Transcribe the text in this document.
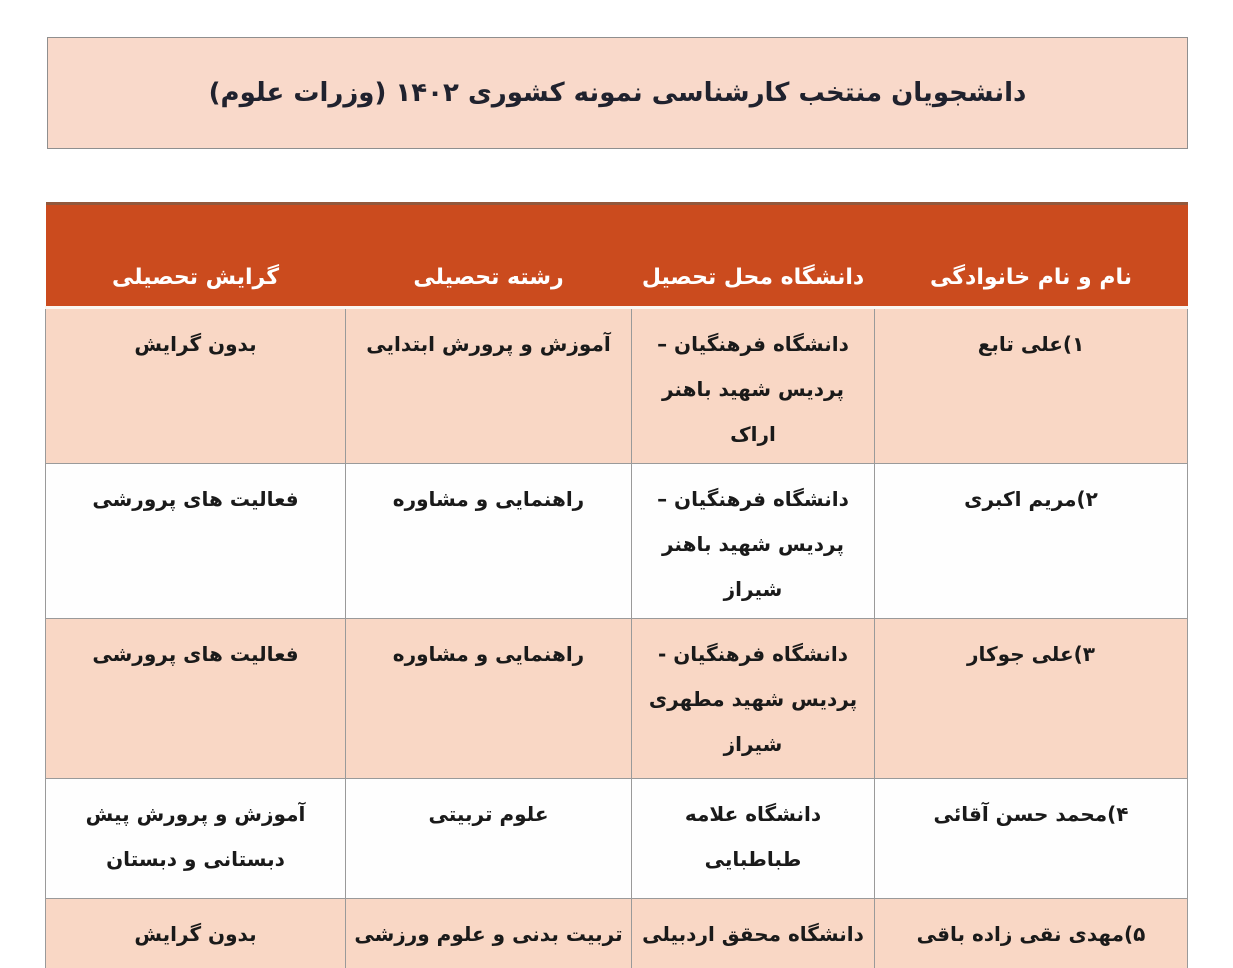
دانشجویان منتخب کارشناسی نمونه کشوری ۱۴۰۲ (وزرات علوم)
نام و نام خانوادگی	دانشگاه محل تحصیل	رشته تحصیلی	گرایش تحصیلی
۱)علی تابع	دانشگاه فرهنگیان – پردیس شهید باهنر اراک	آموزش و پرورش ابتدایی	بدون گرایش
۲)مریم اکبری	دانشگاه فرهنگیان – پردیس شهید باهنر شیراز	راهنمایی و مشاوره	فعالیت های پرورشی
۳)علی جوکار	دانشگاه فرهنگیان - پردیس شهید مطهری شیراز	راهنمایی و مشاوره	فعالیت های پرورشی
۴)محمد حسن آقائی	دانشگاه علامه طباطبایی	علوم تربیتی	آموزش و پرورش پیش دبستانی و دبستان
۵)مهدی نقی زاده باقی	دانشگاه محقق اردبیلی	تربیت بدنی و علوم ورزشی	بدون گرایش
